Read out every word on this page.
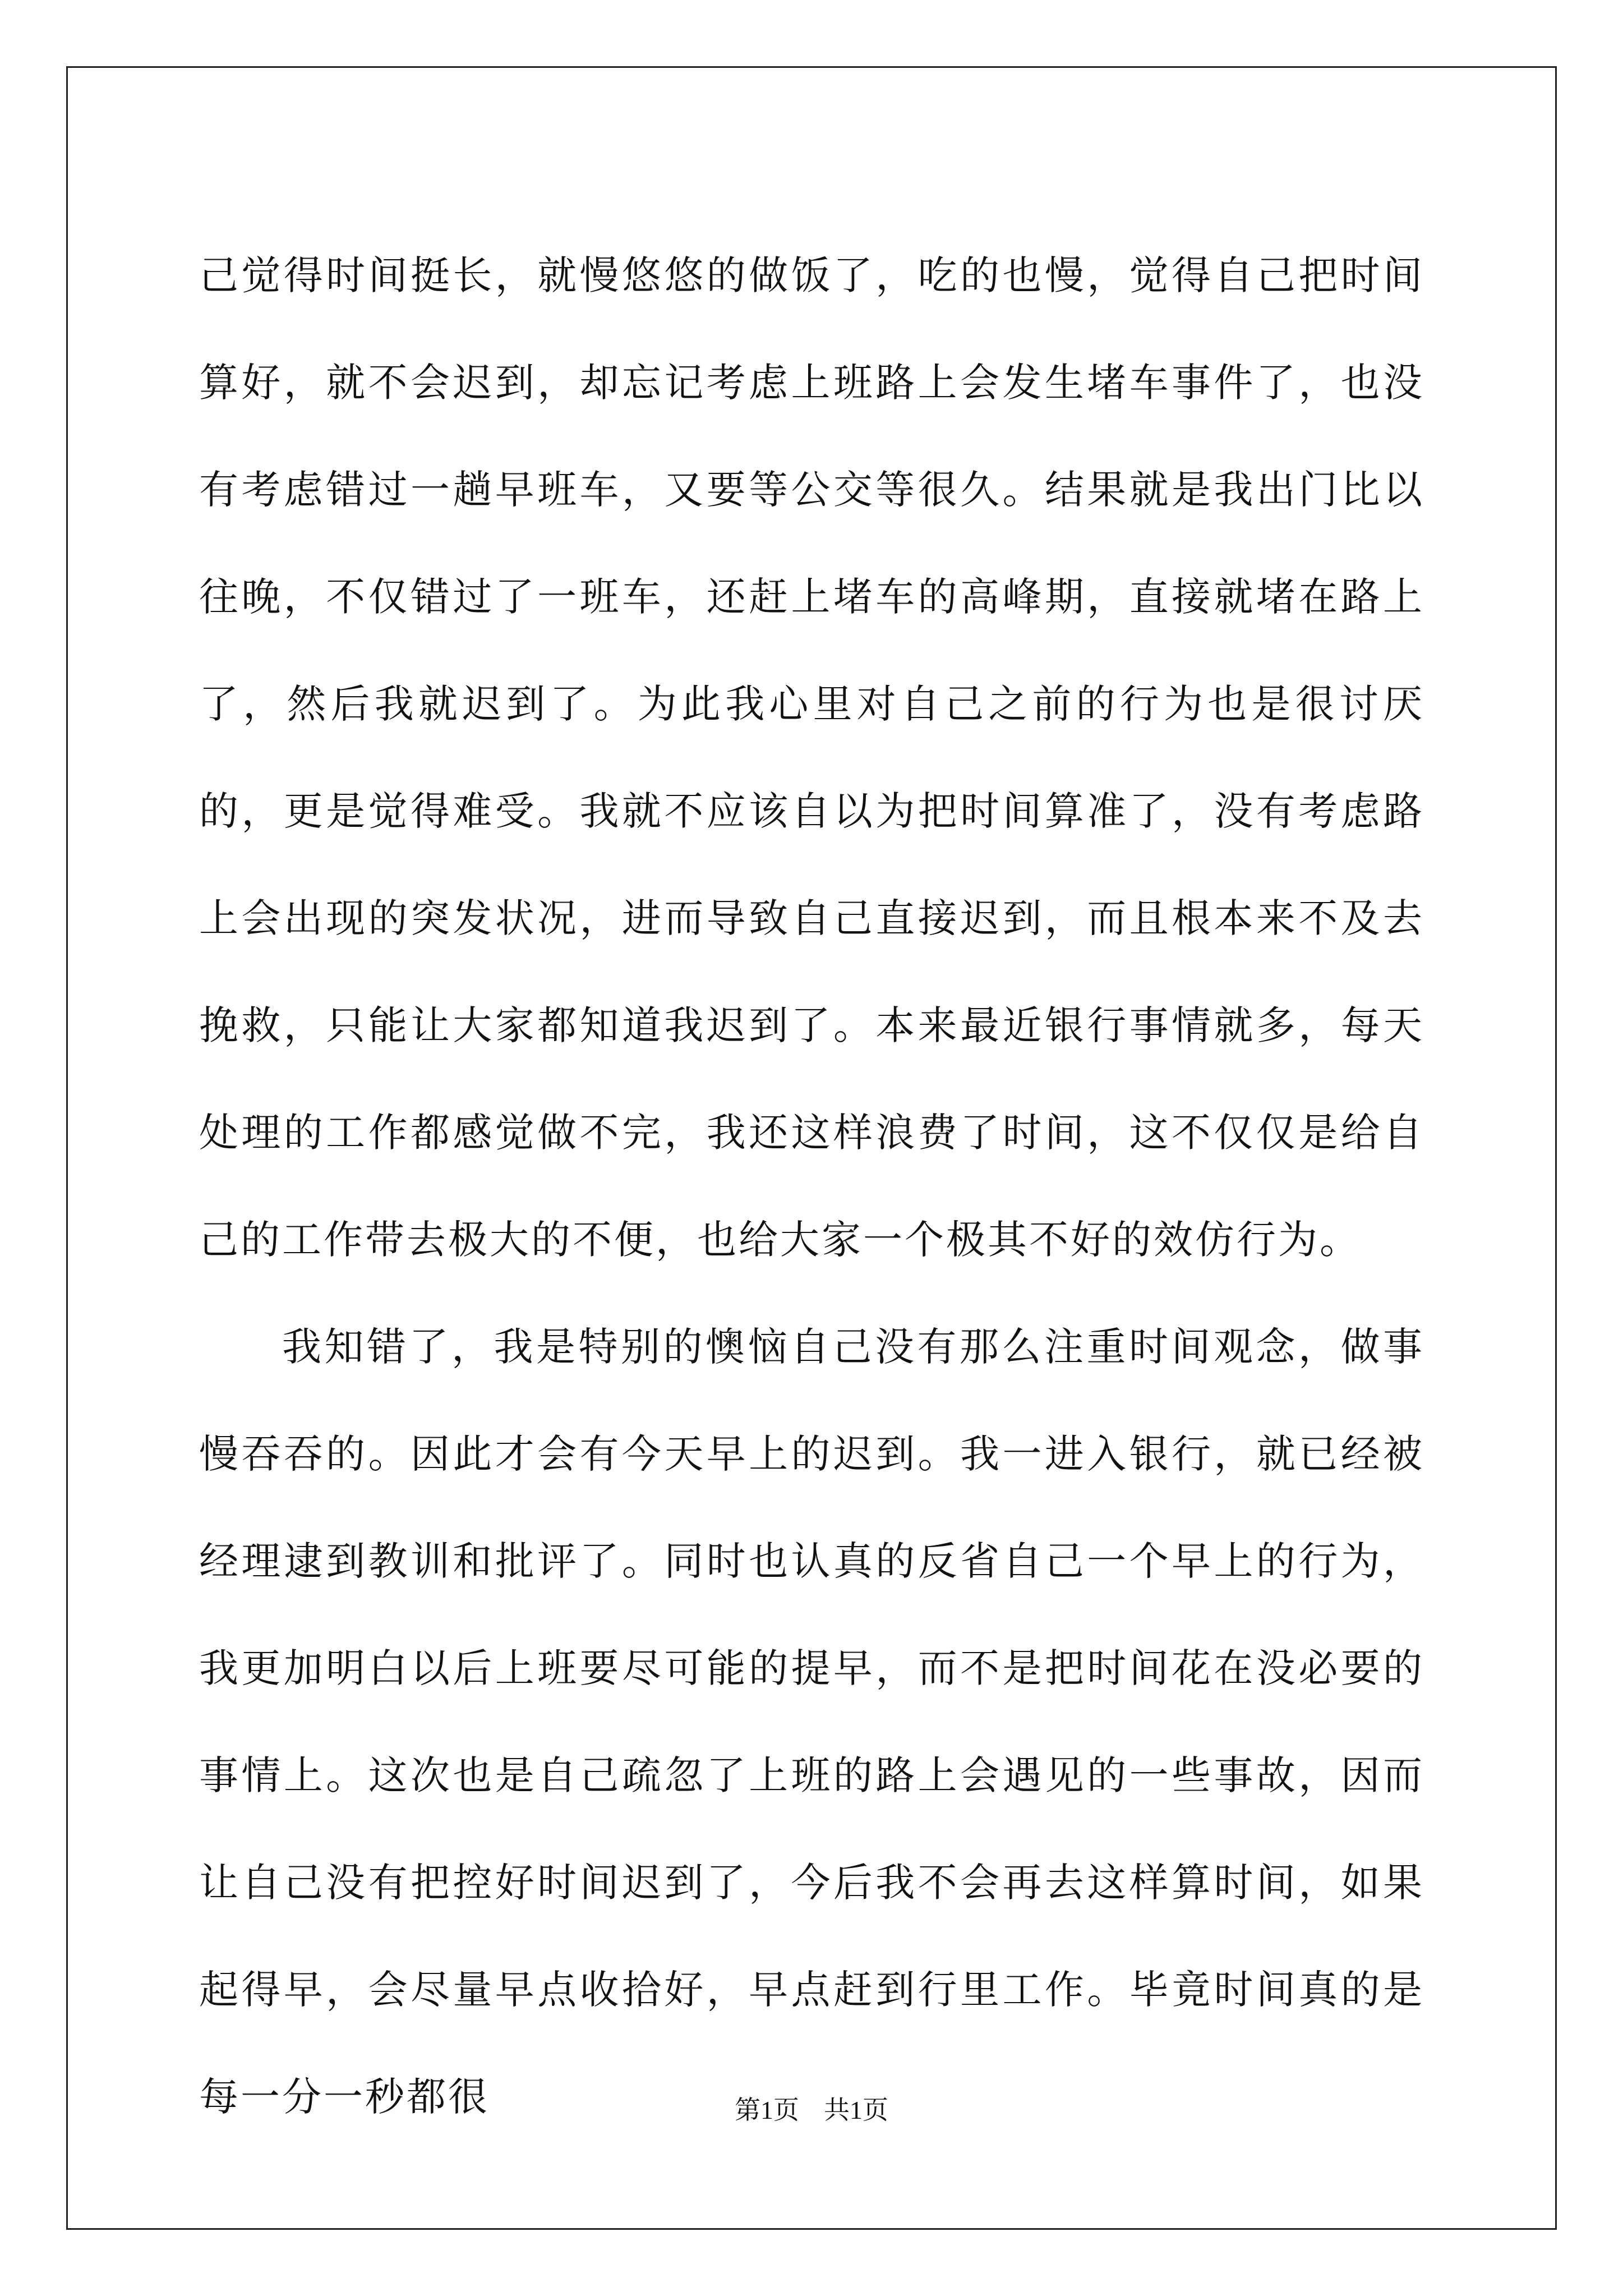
己觉得时间挺长，就慢悠悠的做饭了，吃的也慢，觉得自己把时间算好，就不会迟到，却忘记考虑上班路上会发生堵车事件了，也没有考虑错过一趟早班车，又要等公交等很久。结果就是我出门比以往晚，不仅错过了一班车，还赶上堵车的高峰期，直接就堵在路上了，然后我就迟到了。为此我心里对自己之前的行为也是很讨厌的，更是觉得难受。我就不应该自以为把时间算准了，没有考虑路上会出现的突发状况，进而导致自己直接迟到，而且根本来不及去挽救，只能让大家都知道我迟到了。本来最近银行事情就多，每天处理的工作都感觉做不完，我还这样浪费了时间，这不仅仅是给自己的工作带去极大的不便，也给大家一个极其不好的效仿行为。

我知错了，我是特别的懊恼自己没有那么注重时间观念，做事慢吞吞的。因此才会有今天早上的迟到。我一进入银行，就已经被经理逮到教训和批评了。同时也认真的反省自己一个早上的行为，我更加明白以后上班要尽可能的提早，而不是把时间花在没必要的事情上。这次也是自己疏忽了上班的路上会遇见的一些事故，因而让自己没有把控好时间迟到了，今后我不会再去这样算时间，如果起得早，会尽量早点收拾好，早点赶到行里工作。毕竟时间真的是每一分一秒都很	第1页 共1页
